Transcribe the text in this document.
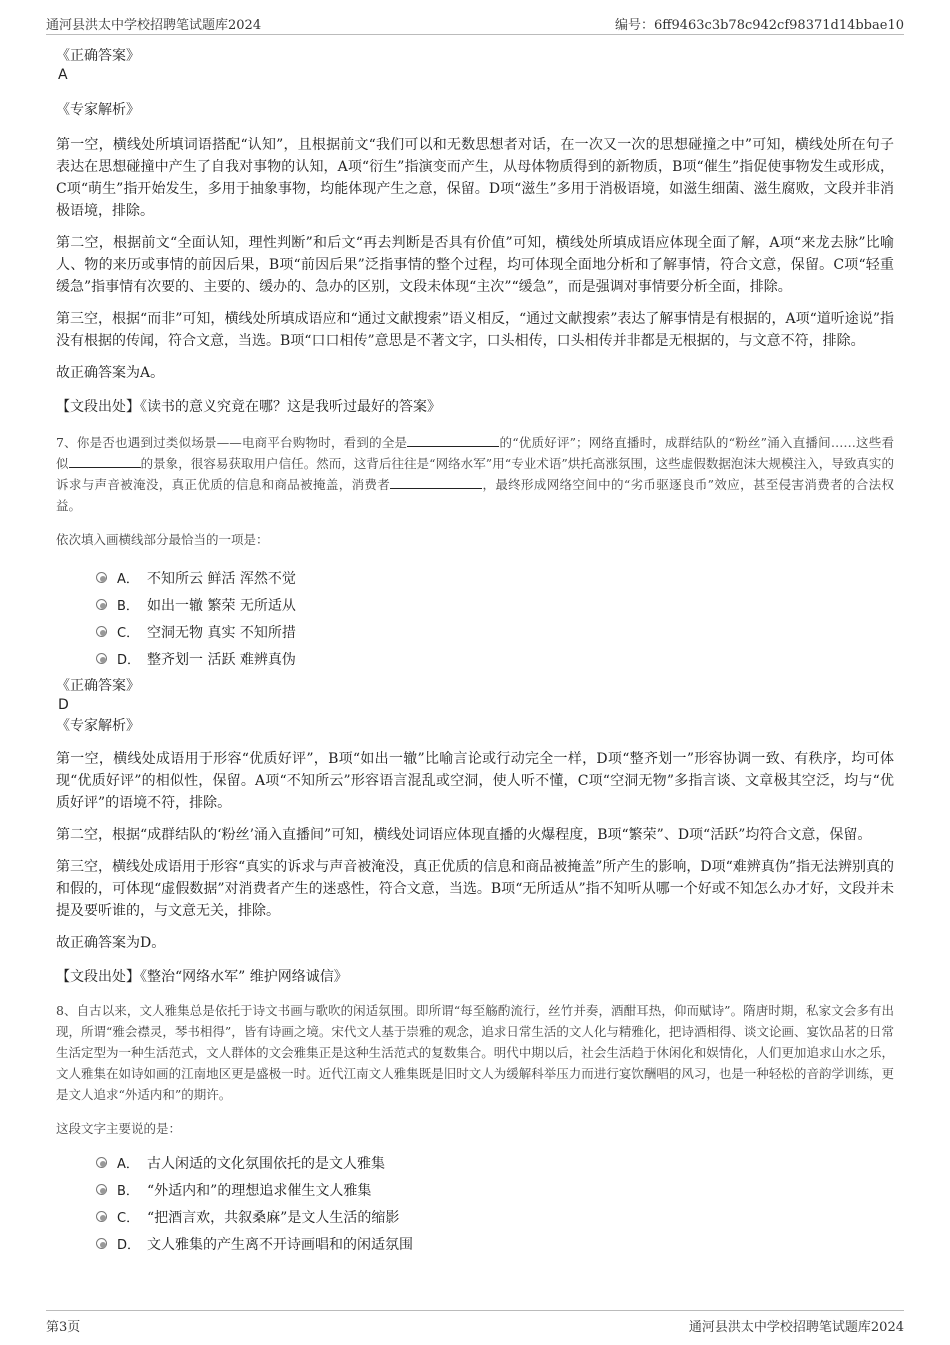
通河县洪太中学校招聘笔试题库2024	编号：6ff9463c3b78c942cf98371d14bbae10

《正确答案》

A

《专家解析》

第一空，横线处所填词语搭配“认知”，且根据前文“我们可以和无数思想者对话，在一次又一次的思想碰撞之中”可知，横线处所在句子表达在思想碰撞中产生了自我对事物的认知，A项“衍生”指演变而产生，从母体物质得到的新物质，B项“催生”指促使事物发生或形成，C项“萌生”指开始发生，多用于抽象事物，均能体现产生之意，保留。D项“滋生”多用于消极语境，如滋生细菌、滋生腐败，文段并非消极语境，排除。

第二空，根据前文“全面认知，理性判断”和后文“再去判断是否具有价值”可知，横线处所填成语应体现全面了解，A项“来龙去脉”比喻人、物的来历或事情的前因后果，B项“前因后果”泛指事情的整个过程，均可体现全面地分析和了解事情，符合文意，保留。C项“轻重缓急”指事情有次要的、主要的、缓办的、急办的区别，文段未体现“主次”“缓急”，而是强调对事情要分析全面，排除。

第三空，根据“而非”可知，横线处所填成语应和“通过文献搜索”语义相反，“通过文献搜索”表达了解事情是有根据的，A项“道听途说”指没有根据的传闻，符合文意，当选。B项“口口相传”意思是不著文字，口头相传，口头相传并非都是无根据的，与文意不符，排除。

故正确答案为A。

【文段出处】《读书的意义究竟在哪？这是我听过最好的答案》

7、你是否也遇到过类似场景——电商平台购物时，看到的全是	的“优质好评”；网络直播时，成群结队的“粉丝”涌入直播间……这些看似	的景象，很容易获取用户信任。然而，这背后往往是“网络水军”用“专业术语”烘托高涨氛围，这些虚假数据泡沫大规模注入，导致真实的诉求与声音被淹没，真正优质的信息和商品被掩盖，消费者	，最终形成网络空间中的“劣币驱逐良币”效应，甚至侵害消费者的合法权益。

依次填入画横线部分最恰当的一项是：

A． 不知所云 鲜活 浑然不觉
B． 如出一辙 繁荣 无所适从
C． 空洞无物 真实 不知所措
D． 整齐划一 活跃 难辨真伪

《正确答案》

D

《专家解析》

第一空，横线处成语用于形容“优质好评”，B项“如出一辙”比喻言论或行动完全一样，D项“整齐划一”形容协调一致、有秩序，均可体现“优质好评”的相似性，保留。A项“不知所云”形容语言混乱或空洞，使人听不懂，C项“空洞无物”多指言谈、文章极其空泛，均与“优质好评”的语境不符，排除。

第二空，根据“成群结队的‘粉丝’涌入直播间”可知，横线处词语应体现直播的火爆程度，B项“繁荣”、D项“活跃”均符合文意，保留。

第三空，横线处成语用于形容“真实的诉求与声音被淹没，真正优质的信息和商品被掩盖”所产生的影响，D项“难辨真伪”指无法辨别真的和假的，可体现“虚假数据”对消费者产生的迷惑性，符合文意，当选。B项“无所适从”指不知听从哪一个好或不知怎么办才好，文段并未提及要听谁的，与文意无关，排除。

故正确答案为D。

【文段出处】《整治“网络水军” 维护网络诚信》

8、自古以来，文人雅集总是依托于诗文书画与歌吹的闲适氛围。即所谓“每至觞酌流行，丝竹并奏，酒酣耳热，仰而赋诗”。隋唐时期，私家文会多有出现，所谓“雅会襟灵，琴书相得”，皆有诗画之境。宋代文人基于崇雅的观念，追求日常生活的文人化与精雅化，把诗酒相得、谈文论画、宴饮品茗的日常生活定型为一种生活范式，文人群体的文会雅集正是这种生活范式的复数集合。明代中期以后，社会生活趋于休闲化和娱情化，人们更加追求山水之乐，文人雅集在如诗如画的江南地区更是盛极一时。近代江南文人雅集既是旧时文人为缓解科举压力而进行宴饮酬唱的风习，也是一种轻松的音韵学训练，更是文人追求“外适内和”的期许。

这段文字主要说的是：

A． 古人闲适的文化氛围依托的是文人雅集
B． “外适内和”的理想追求催生文人雅集
C． “把酒言欢，共叙桑麻”是文人生活的缩影
D． 文人雅集的产生离不开诗画唱和的闲适氛围
第3页	通河县洪太中学校招聘笔试题库2024
